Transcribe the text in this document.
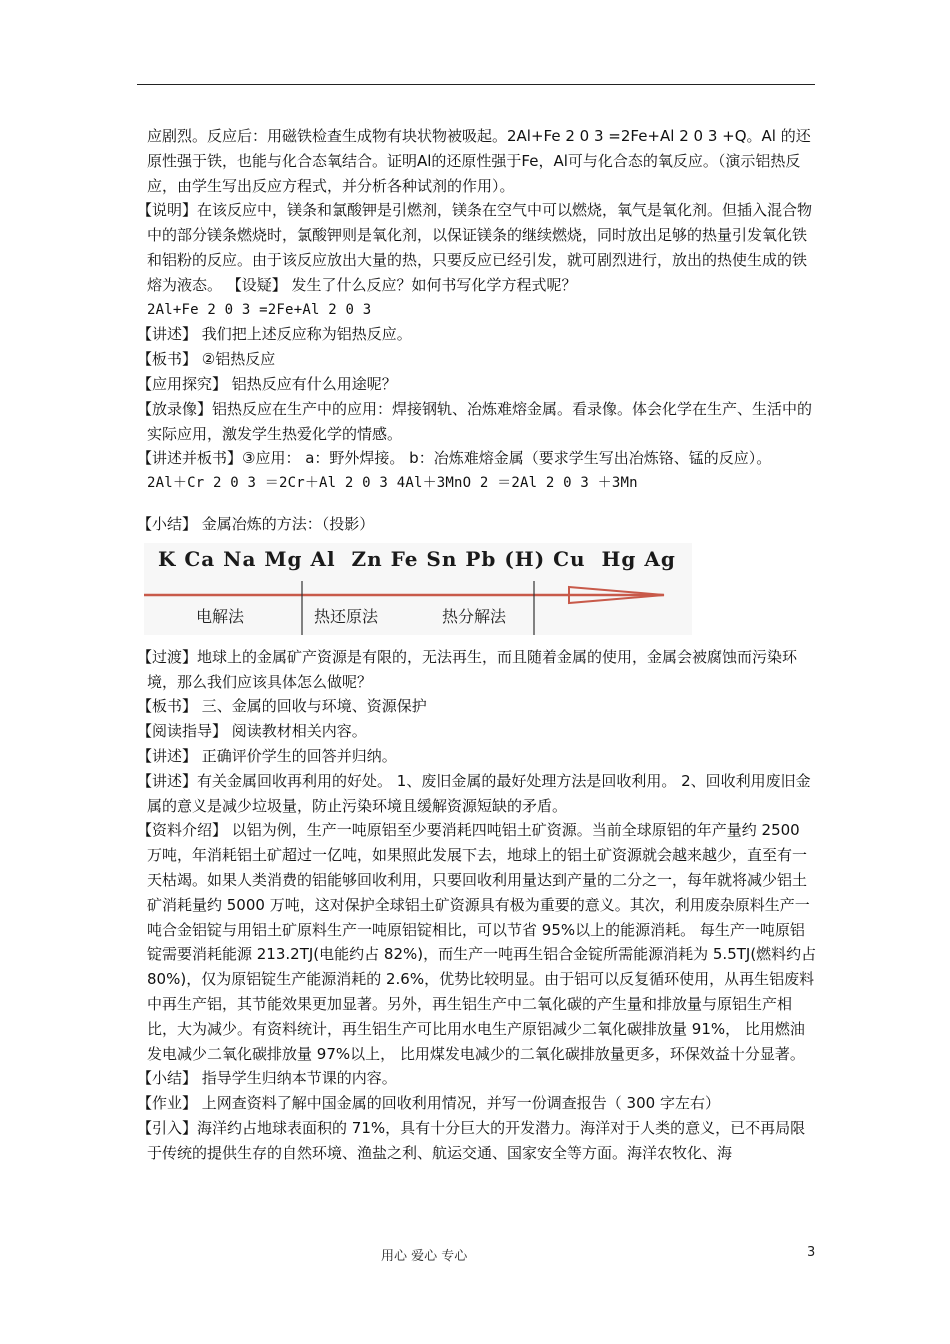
应剧烈。反应后：用磁铁检查生成物有块状物被吸起。2Al+Fe 2 0 3 =2Fe+Al 2 0 3 +Q。Al 的还原性强于铁，也能与化合态氧结合。证明Al的还原性强于Fe，Al可与化合态的氧反应。（演示铝热反应，由学生写出反应方程式，并分析各种试剂的作用）。

【说明】在该反应中，镁条和氯酸钾是引燃剂，镁条在空气中可以燃烧，氧气是氧化剂。但插入混合物中的部分镁条燃烧时，氯酸钾则是氧化剂，以保证镁条的继续燃烧，同时放出足够的热量引发氧化铁和铝粉的反应。由于该反应放出大量的热，只要反应已经引发，就可剧烈进行，放出的热使生成的铁熔为液态。 【设疑】 发生了什么反应？如何书写化学方程式呢？

2Al+Fe 2 0 3 =2Fe+Al 2 0 3

【讲述】 我们把上述反应称为铝热反应。

【板书】 ②铝热反应

【应用探究】 铝热反应有什么用途呢？

【放录像】铝热反应在生产中的应用：焊接钢轨、冶炼难熔金属。看录像。体会化学在生产、生活中的实际应用，激发学生热爱化学的情感。

【讲述并板书】③应用： a：野外焊接。 b：冶炼难熔金属（要求学生写出冶炼铬、锰的反应）。

2Al＋Cr 2 0 3 ＝2Cr＋Al 2 0 3 4Al＋3MnO 2 ＝2Al 2 0 3 ＋3Mn

【小结】 金属冶炼的方法：（投影）

K Ca Na Mg Al  Zn Fe Sn Pb (H) Cu  Hg Ag
电解法	热还原法	热分解法

【过渡】地球上的金属矿产资源是有限的，无法再生，而且随着金属的使用，金属会被腐蚀而污染环境，那么我们应该具体怎么做呢？

【板书】 三、金属的回收与环境、资源保护

【阅读指导】 阅读教材相关内容。

【讲述】 正确评价学生的回答并归纳。

【讲述】有关金属回收再利用的好处。 1、废旧金属的最好处理方法是回收利用。 2、回收利用废旧金属的意义是减少垃圾量，防止污染环境且缓解资源短缺的矛盾。

【资料介绍】 以铝为例，生产一吨原铝至少要消耗四吨铝土矿资源。当前全球原铝的年产量约 2500 万吨，年消耗铝土矿超过一亿吨，如果照此发展下去，地球上的铝土矿资源就会越来越少，直至有一天枯竭。如果人类消费的铝能够回收利用，只要回收利用量达到产量的二分之一，每年就将减少铝土矿消耗量约 5000 万吨，这对保护全球铝土矿资源具有极为重要的意义。其次，利用废杂原料生产一吨合金铝锭与用铝土矿原料生产一吨原铝锭相比，可以节省 95%以上的能源消耗。 每生产一吨原铝锭需要消耗能源 213.2TJ(电能约占 82%)，而生产一吨再生铝合金锭所需能源消耗为 5.5TJ(燃料约占 80%)，仅为原铝锭生产能源消耗的 2.6%，优势比较明显。由于铝可以反复循环使用，从再生铝废料中再生产铝，其节能效果更加显著。另外，再生铝生产中二氧化碳的产生量和排放量与原铝生产相比，大为减少。有资料统计，再生铝生产可比用水电生产原铝减少二氧化碳排放量 91%， 比用燃油发电减少二氧化碳排放量 97%以上， 比用煤发电减少的二氧化碳排放量更多，环保效益十分显著。

【小结】 指导学生归纳本节课的内容。

【作业】 上网查资料了解中国金属的回收利用情况，并写一份调查报告（ 300 字左右）

【引入】海洋约占地球表面积的 71%，具有十分巨大的开发潜力。海洋对于人类的意义，已不再局限于传统的提供生存的自然环境、渔盐之利、航运交通、国家安全等方面。海洋农牧化、海

用心 爱心 专心	3
